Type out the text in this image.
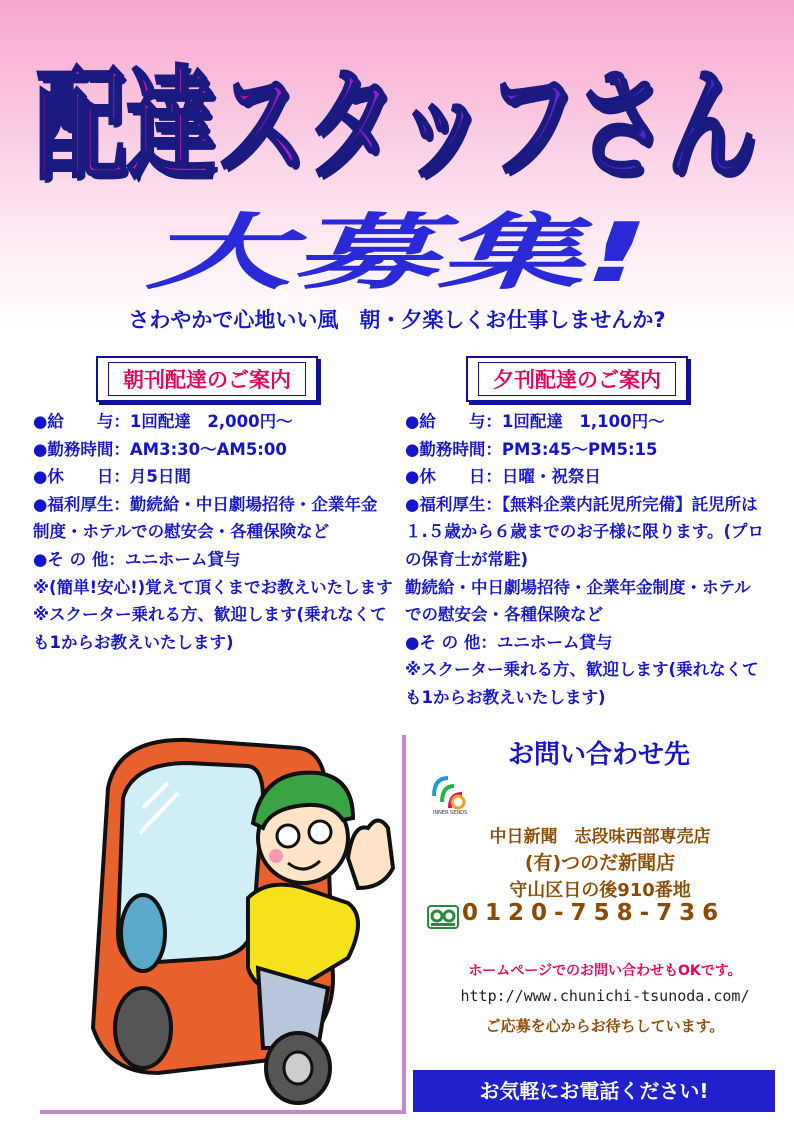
配達スタッフさん
配達スタッフさん
大募集!
さわやかで心地いい風　朝・夕楽しくお仕事しませんか?
朝刊配達のご案内	夕刊配達のご案内

●給　　与：1回配達　2,000円～

●勤務時間：AM3:30～AM5:00

●休　　日：月5日間

●福利厚生：勤続給・中日劇場招待・企業年金制度・ホテルでの慰安会・各種保険など

●そ の 他：ユニホーム貸与

※(簡単!安心!)覚えて頂くまでお教えいたします

※スクーター乗れる方、歓迎します(乗れなくても1からお教えいたします)

●給　　与：1回配達　1,100円～

●勤務時間：PM3:45～PM5:15

●休　　日：日曜・祝祭日

●福利厚生：【無料企業内託児所完備】託児所は１.５歳から６歳までのお子様に限ります。(プロの保育士が常駐)

勤続給・中日劇場招待・企業年金制度・ホテルでの慰安会・各種保険など

●そ の 他：ユニホーム貸与

※スクーター乗れる方、歓迎します(乗れなくても1からお教えいたします)

お問い合わせ先
INNER SENDS
中日新聞　志段味西部専売店
(有)つのだ新聞店
守山区日の後910番地
0120-758-736
ホームページでのお問い合わせもOKです。
http://www.chunichi-tsunoda.com/
ご応募を心からお待ちしています。
お気軽にお電話ください!
